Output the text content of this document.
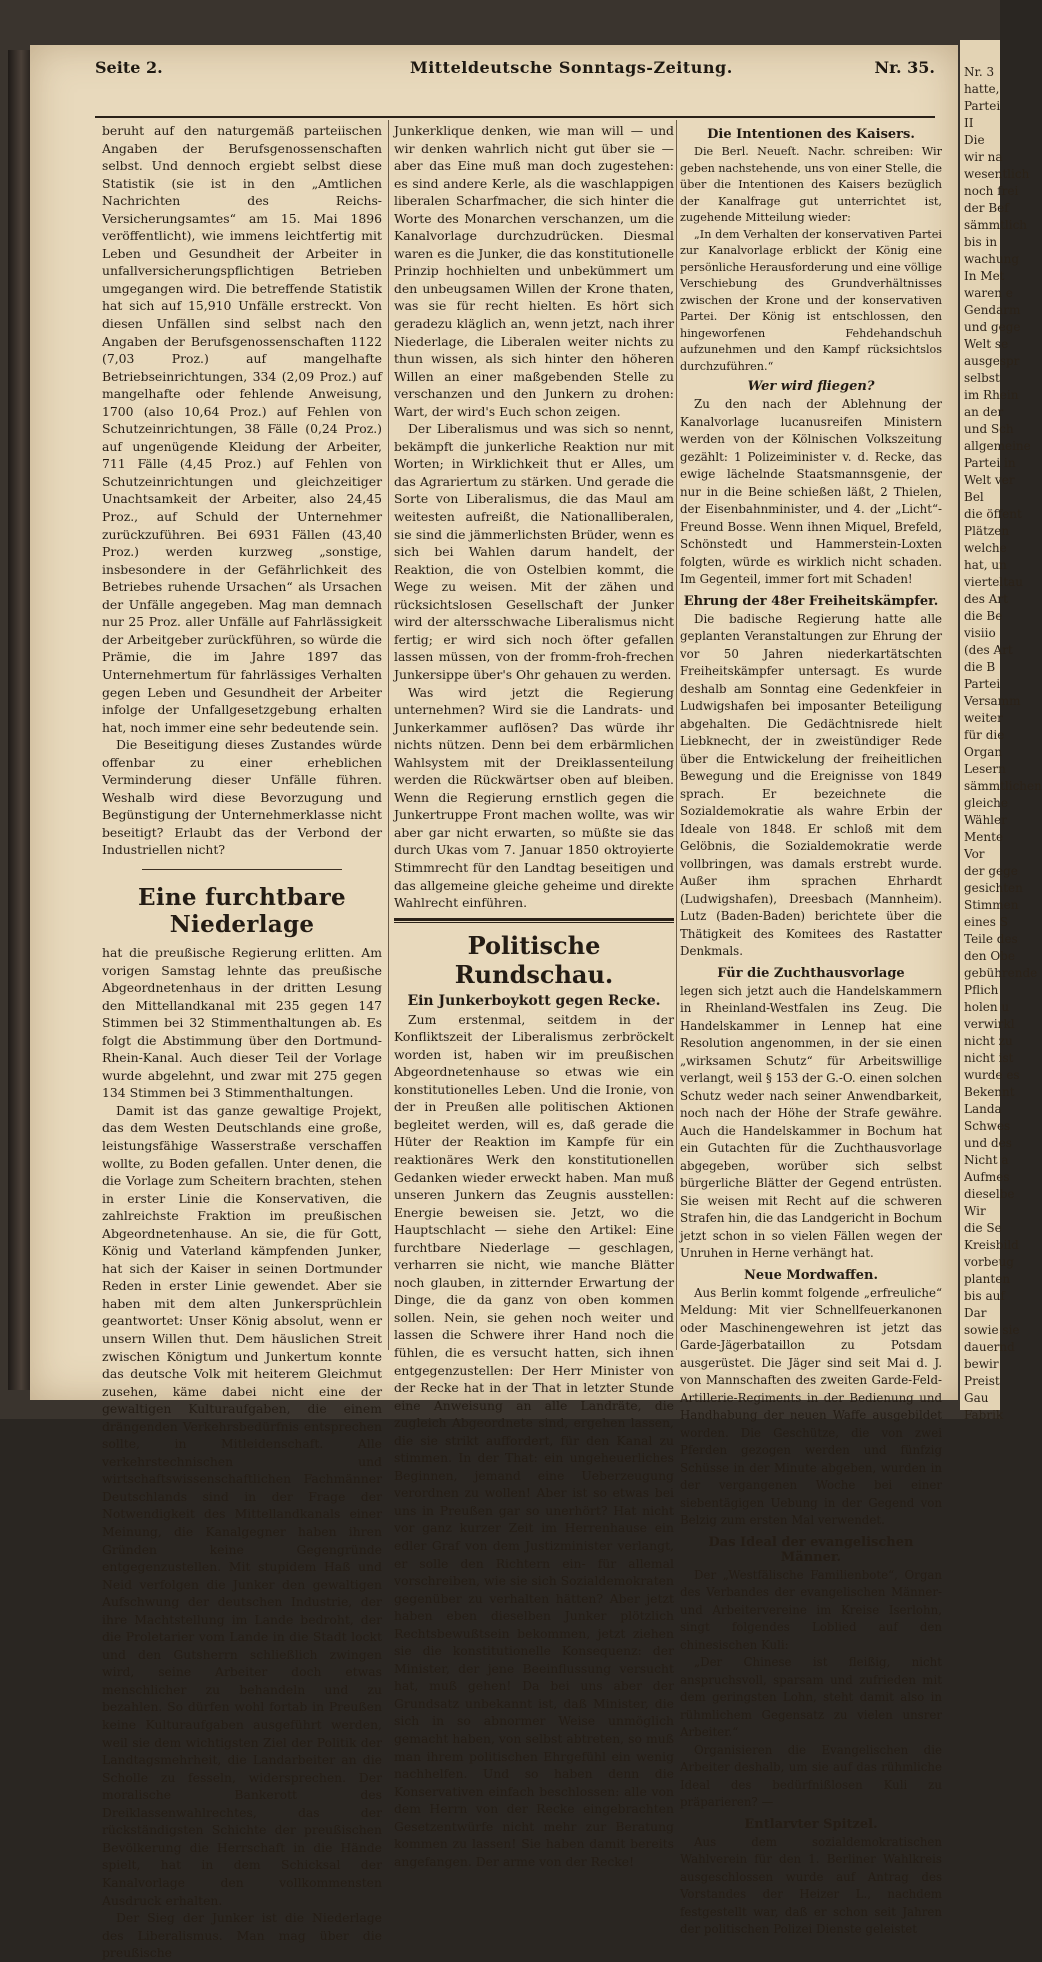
Nr. 3
hatte,
Partei
II
Die
wir na
wesentlich
noch frei
der Bef
sämmtlich
bis in
wachung
In Met
waren e
Gendarm
und gege
Welt se
ausgespr
selbst
im Rhein
an der
und Sch
allgemeine
Partei in
Welt ver
Bel
die öffent
Plätzen
welche
hat, un
vierteltau
des Art
die Be
visiio
(des Art
die B
Partei
Versamm
weiter
für die
Organ
Lesern
sämmtlichen
gleiche
Wähler
Mente
Vor
der gege
gesichten
Stimmen
eines S
Teile des
den Obe
gebührende
Pflich
holen u
verwirkl
nicht zu
nicht ist
wurde es
Bekennt
Landa
Schwes
und des
Nicht a
Aufmes
dieselbe
Wir
die Se
Kreisbild
vorbeug
planten
bis auf
Dar
sowie sie
dauernd
bewir
Preist
Gau
Fabrik
Seite 2.	Mitteldeutsche Sonntags-Zeitung.	Nr. 35.

beruht auf den naturgemäß parteiischen Angaben der Berufsgenossenschaften selbst. Und dennoch ergiebt selbst diese Statistik (sie ist in den „Amtlichen Nachrichten des Reichs-Versicherungsamtes“ am 15. Mai 1896 veröffentlicht), wie immens leichtfertig mit Leben und Gesundheit der Arbeiter in unfallversicherungspflichtigen Betrieben umgegangen wird. Die betreffende Statistik hat sich auf 15,910 Unfälle erstreckt. Von diesen Unfällen sind selbst nach den Angaben der Berufsgenossenschaften 1122 (7,03 Proz.) auf mangelhafte Betriebseinrichtungen, 334 (2,09 Proz.) auf mangelhafte oder fehlende Anweisung, 1700 (also 10,64 Proz.) auf Fehlen von Schutzeinrichtungen, 38 Fälle (0,24 Proz.) auf ungenügende Kleidung der Arbeiter, 711 Fälle (4,45 Proz.) auf Fehlen von Schutzeinrichtungen und gleichzeitiger Unachtsamkeit der Arbeiter, also 24,45 Proz., auf Schuld der Unternehmer zurückzuführen. Bei 6931 Fällen (43,40 Proz.) werden kurzweg „sonstige, insbesondere in der Gefährlichkeit des Betriebes ruhende Ursachen“ als Ursachen der Unfälle angegeben. Mag man demnach nur 25 Proz. aller Unfälle auf Fahrlässigkeit der Arbeitgeber zurückführen, so würde die Prämie, die im Jahre 1897 das Unternehmertum für fahrlässiges Verhalten gegen Leben und Gesundheit der Arbeiter infolge der Unfallgesetzgebung erhalten hat, noch immer eine sehr bedeutende sein.

Die Beseitigung dieses Zustandes würde offenbar zu einer erheblichen Verminderung dieser Unfälle führen. Weshalb wird diese Bevorzugung und Begünstigung der Unternehmerklasse nicht beseitigt? Erlaubt das der Verbond der Industriellen nicht?

Eine furchtbare Niederlage

hat die preußische Regierung erlitten. Am vorigen Samstag lehnte das preußische Abgeordnetenhaus in der dritten Lesung den Mittellandkanal mit 235 gegen 147 Stimmen bei 32 Stimmenthaltungen ab. Es folgt die Abstimmung über den Dortmund-Rhein-Kanal. Auch dieser Teil der Vorlage wurde abgelehnt, und zwar mit 275 gegen 134 Stimmen bei 3 Stimmenthaltungen.

Damit ist das ganze gewaltige Projekt, das dem Westen Deutschlands eine große, leistungsfähige Wasserstraße verschaffen wollte, zu Boden gefallen. Unter denen, die die Vorlage zum Scheitern brachten, stehen in erster Linie die Konservativen, die zahlreichste Fraktion im preußischen Abgeordnetenhause. An sie, die für Gott, König und Vaterland kämpfenden Junker, hat sich der Kaiser in seinen Dortmunder Reden in erster Linie gewendet. Aber sie haben mit dem alten Junkersprüchlein geantwortet: Unser König absolut, wenn er unsern Willen thut. Dem häuslichen Streit zwischen Königtum und Junkertum konnte das deutsche Volk mit heiterem Gleichmut zusehen, käme dabei nicht eine der gewaltigen Kulturaufgaben, die einem drängenden Verkehrsbedürfnis entsprechen sollte, in Mitleidenschaft. Alle verkehrstechnischen und wirtschaftswissenschaftlichen Fachmänner Deutschlands sind in der Frage der Notwendigkeit des Mittellandkanals einer Meinung, die Kanalgegner haben ihren Gründen keine Gegengründe entgegenzustellen. Mit stupidem Haß und Neid verfolgen die Junker den gewaltigen Aufschwung der deutschen Industrie, der ihre Machtstellung im Lande bedroht, der die Proletarier vom Lande in die Stadt lockt und den Gutsherrn schließlich zwingen wird, seine Arbeiter doch etwas menschlicher zu behandeln und zu bezahlen. So dürfen wohl fortab in Preußen keine Kulturaufgaben ausgeführt werden, weil sie dem wichtigsten Ziel der Politik der Landtagsmehrheit, die Landarbeiter an die Scholle zu fesseln, widersprechen. Der moralische Bankerott des Dreiklassenwahlrechtes, das der rückständigsten Schichte der preußischen Bevölkerung die Herrschaft in die Hände spielt, hat in dem Schicksal der Kanalvorlage den vollkommensten Ausdruck erhalten.

Der Sieg der Junker ist die Niederlage des Liberalismus. Man mag über die preußische

Junkerklique denken, wie man will — und wir denken wahrlich nicht gut über sie — aber das Eine muß man doch zugestehen: es sind andere Kerle, als die waschlappigen liberalen Scharfmacher, die sich hinter die Worte des Monarchen verschanzen, um die Kanalvorlage durchzudrücken. Diesmal waren es die Junker, die das konstitutionelle Prinzip hochhielten und unbekümmert um den unbeugsamen Willen der Krone thaten, was sie für recht hielten. Es hört sich geradezu kläglich an, wenn jetzt, nach ihrer Niederlage, die Liberalen weiter nichts zu thun wissen, als sich hinter den höheren Willen an einer maßgebenden Stelle zu verschanzen und den Junkern zu drohen: Wart, der wird's Euch schon zeigen.

Der Liberalismus und was sich so nennt, bekämpft die junkerliche Reaktion nur mit Worten; in Wirklichkeit thut er Alles, um das Agrariertum zu stärken. Und gerade die Sorte von Liberalismus, die das Maul am weitesten aufreißt, die Nationalliberalen, sie sind die jämmerlichsten Brüder, wenn es sich bei Wahlen darum handelt, der Reaktion, die von Ostelbien kommt, die Wege zu weisen. Mit der zähen und rücksichtslosen Gesellschaft der Junker wird der altersschwache Liberalismus nicht fertig; er wird sich noch öfter gefallen lassen müssen, von der fromm-froh-frechen Junkersippe über's Ohr gehauen zu werden.

Was wird jetzt die Regierung unternehmen? Wird sie die Landrats- und Junkerkammer auflösen? Das würde ihr nichts nützen. Denn bei dem erbärmlichen Wahlsystem mit der Dreiklassenteilung werden die Rückwärtser oben auf bleiben. Wenn die Regierung ernstlich gegen die Junkertruppe Front machen wollte, was wir aber gar nicht erwarten, so müßte sie das durch Ukas vom 7. Januar 1850 oktroyierte Stimmrecht für den Landtag beseitigen und das allgemeine gleiche geheime und direkte Wahlrecht einführen.

Politische Rundschau.
Ein Junkerboykott gegen Recke.

Zum erstenmal, seitdem in der Konfliktszeit der Liberalismus zerbröckelt worden ist, haben wir im preußischen Abgeordnetenhause so etwas wie ein konstitutionelles Leben. Und die Ironie, von der in Preußen alle politischen Aktionen begleitet werden, will es, daß gerade die Hüter der Reaktion im Kampfe für ein reaktionäres Werk den konstitutionellen Gedanken wieder erweckt haben. Man muß unseren Junkern das Zeugnis ausstellen: Energie beweisen sie. Jetzt, wo die Hauptschlacht — siehe den Artikel: Eine furchtbare Niederlage — geschlagen, verharren sie nicht, wie manche Blätter noch glauben, in zitternder Erwartung der Dinge, die da ganz von oben kommen sollen. Nein, sie gehen noch weiter und lassen die Schwere ihrer Hand noch die fühlen, die es versucht hatten, sich ihnen entgegenzustellen: Der Herr Minister von der Recke hat in der That in letzter Stunde eine Anweisung an alle Landräte, die zugleich Abgeordnete sind, ergehen lassen, die sie strikt auffordert, für den Kanal zu stimmen. In der That: ein ungeheuerliches Beginnen, jemand eine Ueberzeugung verordnen zu wollen! Aber ist so etwas bei uns in Preußen gar so unerhört? Hat nicht vor ganz kurzer Zeit im Herrenhause ein edler Graf von dem Justizminister verlangt, er solle den Richtern ein- für allemal vorschreiben, wie sie sich Sozialdemokraten gegenüber zu verhalten hätten? Aber jetzt haben eben dieselben Junker plötzlich Rechtsbewußtsein bekommen, jetzt ziehen sie die konstitutionelle Konsequenz: der Minister, der jene Beeinflussung versucht hat, muß gehen! Da bei uns aber der Grundsatz unbekannt ist, daß Minister, die sich in so abnormer Weise unmöglich gemacht haben, von selbst abtreten, so muß man ihrem politischen Ehrgefühl ein wenig nachhelfen. Und so haben denn die Konservativen einfach beschlossen: alle von dem Herrn von der Recke eingebrachten Gesetzentwürfe nicht mehr zur Beratung kommen zu lassen! Sie haben damit bereits angefangen. Der arme von der Recke!

Die Intentionen des Kaisers.

Die Berl. Neueſt. Nachr. schreiben: Wir geben nachstehende, uns von einer Stelle, die über die Intentionen des Kaisers bezüglich der Kanalfrage gut unterrichtet ist, zugehende Mitteilung wieder:

„In dem Verhalten der konservativen Partei zur Kanalvorlage erblickt der König eine persönliche Herausforderung und eine völlige Verschiebung des Grundverhältnisses zwischen der Krone und der konservativen Partei. Der König ist entschlossen, den hingeworfenen Fehdehandschuh aufzunehmen und den Kampf rücksichtslos durchzuführen.“

Wer wird fliegen?

Zu den nach der Ablehnung der Kanalvorlage lucanusreifen Ministern werden von der Kölnischen Volkszeitung gezählt: 1 Polizeiminister v. d. Recke, das ewige lächelnde Staatsmannsgenie, der nur in die Beine schießen läßt, 2 Thielen, der Eisenbahnminister, und 4. der „Licht“-Freund Bosse. Wenn ihnen Miquel, Brefeld, Schönstedt und Hammerstein-Loxten folgten, würde es wirklich nicht schaden. Im Gegenteil, immer fort mit Schaden!

Ehrung der 48er Freiheitskämpfer.

Die badische Regierung hatte alle geplanten Veranstaltungen zur Ehrung der vor 50 Jahren niederkartätschten Freiheitskämpfer untersagt. Es wurde deshalb am Sonntag eine Gedenkfeier in Ludwigshafen bei imposanter Beteiligung abgehalten. Die Gedächtnisrede hielt Liebknecht, der in zweistündiger Rede über die Entwickelung der freiheitlichen Bewegung und die Ereignisse von 1849 sprach. Er bezeichnete die Sozialdemokratie als wahre Erbin der Ideale von 1848. Er schloß mit dem Gelöbnis, die Sozialdemokratie werde vollbringen, was damals erstrebt wurde. Außer ihm sprachen Ehrhardt (Ludwigshafen), Dreesbach (Mannheim). Lutz (Baden-Baden) berichtete über die Thätigkeit des Komitees des Rastatter Denkmals.

Für die Zuchthausvorlage

legen sich jetzt auch die Handelskammern in Rheinland-Westfalen ins Zeug. Die Handelskammer in Lennep hat eine Resolution angenommen, in der sie einen „wirksamen Schutz“ für Arbeitswillige verlangt, weil § 153 der G.-O. einen solchen Schutz weder nach seiner Anwendbarkeit, noch nach der Höhe der Strafe gewähre. Auch die Handelskammer in Bochum hat ein Gutachten für die Zuchthausvorlage abgegeben, worüber sich selbst bürgerliche Blätter der Gegend entrüsten. Sie weisen mit Recht auf die schweren Strafen hin, die das Landgericht in Bochum jetzt schon in so vielen Fällen wegen der Unruhen in Herne verhängt hat.

Neue Mordwaffen.

Aus Berlin kommt folgende „erfreuliche“ Meldung: Mit vier Schnellfeuerkanonen oder Maschinengewehren ist jetzt das Garde-Jägerbataillon zu Potsdam ausgerüstet. Die Jäger sind seit Mai d. J. von Mannschaften des zweiten Garde-Feld-Artillerie-Regiments in der Bedienung und Handhabung der neuen Waffe ausgebildet worden. Die Geschütze, die von zwei Pferden gezogen werden und fünfzig Schüsse in der Minute abgeben, wurden in der vergangenen Woche bei einer siebentägigen Uebung in der Gegend von Belzig zum ersten Mal verwendet.

Das Ideal der evangelischen Männer.

Der „Westfälische Familienbote“, Organ des Verbandes der evangelischen Männer- und Arbeitervereine im Kreise Iserlohn, singt folgendes Loblied auf den chinesischen Kuli:

„Der Chinese ist fleißig, nicht anspruchsvoll, sparsam und zufrieden mit dem geringsten Lohn, steht damit also in rühmlichem Gegensatz zu vielen unsrer Arbeiter.“

Organisieren die Evangelischen die Arbeiter deshalb, um sie auf das rühmliche Ideal des bedürfnißlosen Kuli zu präparieren? —

Entlarvter Spitzel.

Aus dem sozialdemokratischen Wahlverein für den 1. Berliner Wahlkreis ausgeschlossen wurde auf Antrag des Vorstandes der Heizer L., nachdem festgestellt war, daß er schon seit Jahren der politischen Polizei Dienste geleistet
